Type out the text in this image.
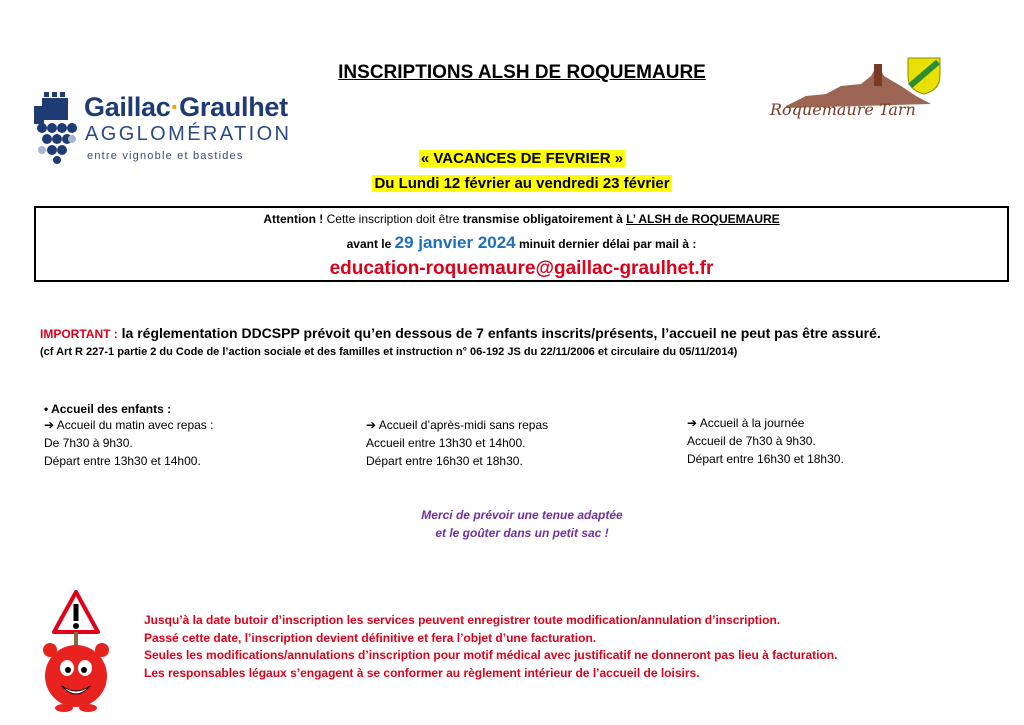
INSCRIPTIONS ALSH DE ROQUEMAURE
Gaillac·Graulhet
AGGLOMÉRATION
entre vignoble et bastides
Roquemaure Tarn
« VACANCES DE FEVRIER »
Du Lundi 12 février au vendredi 23 février
Attention ! Cette inscription doit être transmise obligatoirement à L’ ALSH de ROQUEMAURE
avant le 29 janvier 2024 minuit dernier délai par mail à :
education-roquemaure@gaillac-graulhet.fr
IMPORTANT : la réglementation DDCSPP prévoit qu’en dessous de 7 enfants inscrits/présents, l’accueil ne peut pas être assuré.
(cf Art R 227-1 partie 2 du Code de l’action sociale et des familles et instruction n° 06-192 JS du 22/11/2006 et circulaire du 05/11/2014)
• Accueil des enfants :
➔ Accueil du matin avec repas :
De 7h30 à 9h30.
Départ entre 13h30 et 14h00.
➔ Accueil d’après-midi sans repas
Accueil entre 13h30 et 14h00.
Départ entre 16h30 et 18h30.
➔ Accueil à la journée
Accueil de 7h30 à 9h30.
Départ entre 16h30 et 18h30.
Merci de prévoir une tenue adaptée
et le goûter dans un petit sac !
Jusqu’à la date butoir d’inscription les services peuvent enregistrer toute modification/annulation d’inscription.
Passé cette date, l’inscription devient définitive et fera l’objet d’une facturation.
Seules les modifications/annulations d’inscription pour motif médical avec justificatif ne donneront pas lieu à facturation.
Les responsables légaux s’engagent à se conformer au règlement intérieur de l’accueil de loisirs.
